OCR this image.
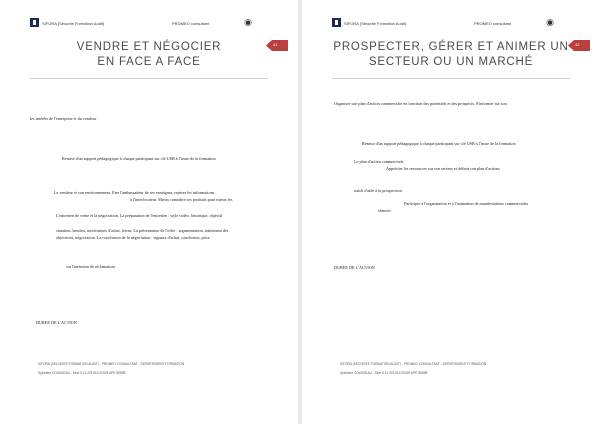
SIFORA (Sécurité Formation Audit)	PROMEO consultant	◉
41
VENDRE ET NÉGOCIER
EN FACE A FACE
les intérêts de l'entreprise et du vendeur
Remise d'un support pédagogique à chaque participant sur clé USB à l'issue de la formation
Le vendeur et son environnement. Etre l'ambassadeur de ses enseignes, repérer les informations
à l'interlocuteur. Mieux connaître ses produits pour mieux les
L'entretien de vente et la négociation. La préparation de l'entretien : style vidéo, historique, objectif
situation, besoins, motivations d'achat, freins. La présentation de l'offre : argumentation, traitement des
objections, négociation. La conclusion de la négociation : signaux d'achat, conclusion, prise
sur l'intention de réclamation
DUREE DE L'ACTION
SIFORA (SECURITE FORMATION AUDIT) - PROMEO CONSULTANT - DEPARTEMENT FORMATION
Sylvestre COUSSEAU - Siret 5 11 475 814 00029 APE 8559B
SIFORA (Sécurité Formation Audit)	PROMEO consultant	◉
42
PROSPECTER, GÉRER ET ANIMER UN
SECTEUR OU UN MARCHÉ
Organiser son plan d'action commerciale en fonction des potentiels et des prospects. S'informer sur son
Remise d'un support pédagogique à chaque participant sur clé USB à l'issue de la formation
Le plan d'action commerciale
Apprécier les ressources sur son secteur et définir son plan d'actions
outils d'aide à la prospection
Participer à l'organisation et à l'animation de manifestations commerciales
séances
DUREE DE L'ACTION
SIFORA (SECURITE FORMATION AUDIT) - PROMEO CONSULTANT - DEPARTEMENT FORMATION
Sylvestre COUSSEAU - Siret 5 11 475 814 00029 APE 8559B
